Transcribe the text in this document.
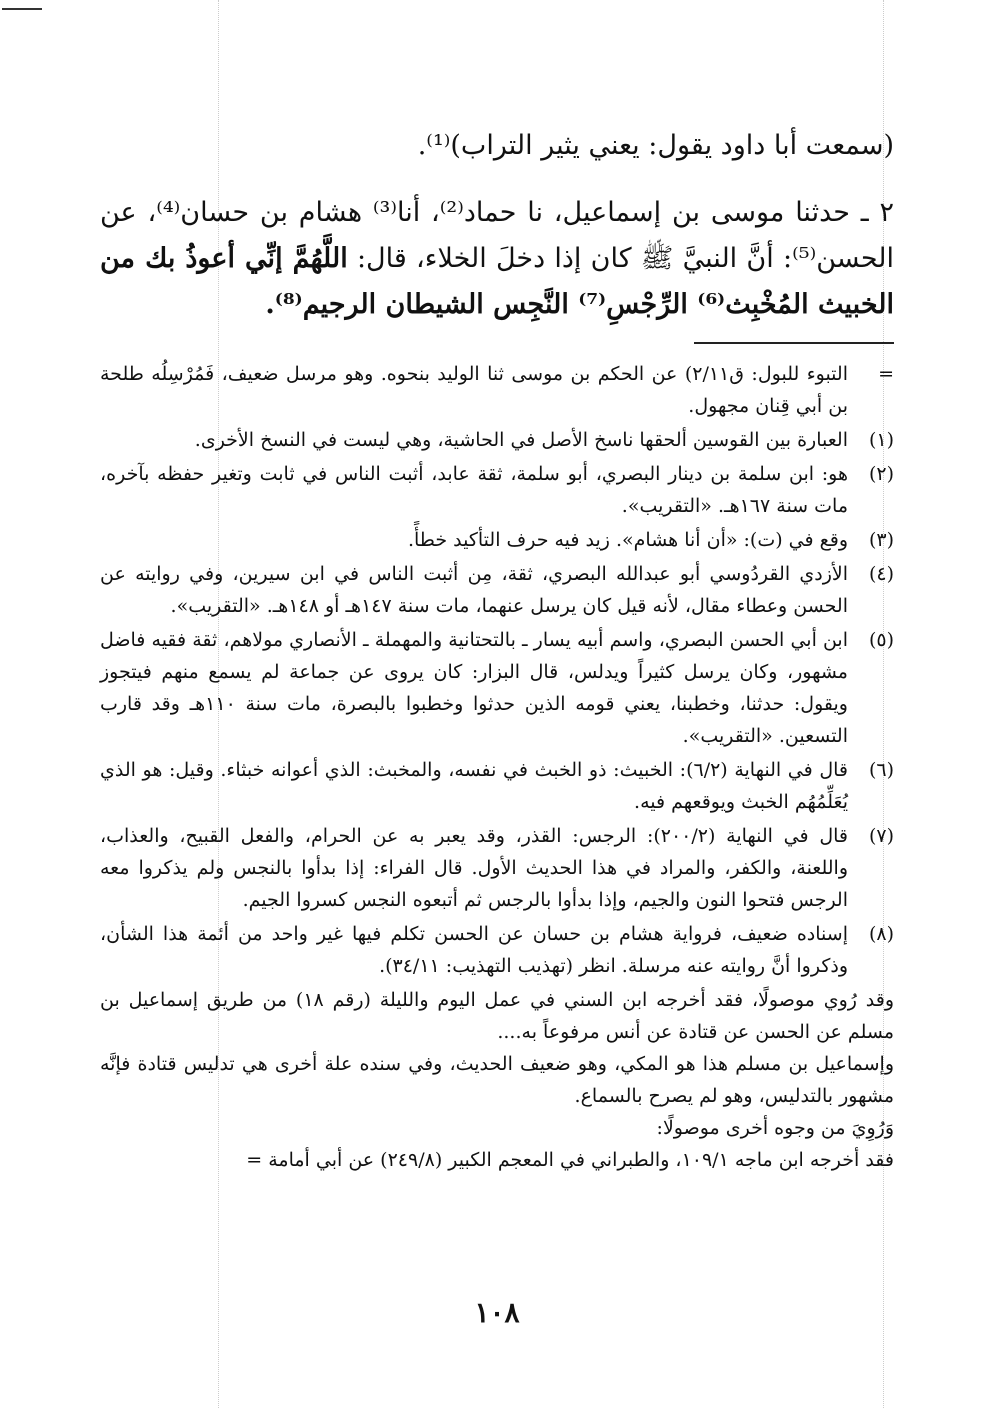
(سمعت أبا داود يقول: يعني يثير التراب)⁽¹⁾.
٢ ـ حدثنا موسى بن إسماعيل، نا حماد⁽²⁾، أنا⁽³⁾ هشام بن حسان⁽⁴⁾، عن الحسن⁽⁵⁾: أنَّ النبيَّ ﷺ كان إذا دخلَ الخلاء، قال: اللَّهُمَّ إنِّي أعوذُ بك من الخبيث المُخْبِث⁽⁶⁾ الرِّجْسِ⁽⁷⁾ النَّجِس الشيطان الرجيم⁽⁸⁾.
=
التبوء للبول: ق٢/١١) عن الحكم بن موسى ثنا الوليد بنحوه. وهو مرسل ضعيف، فَمُرْسِلُه طلحة بن أبي قِنان مجهول.
(١)
العبارة بين القوسين ألحقها ناسخ الأصل في الحاشية، وهي ليست في النسخ الأخرى.
(٢)
هو: ابن سلمة بن دينار البصري، أبو سلمة، ثقة عابد، أثبت الناس في ثابت وتغير حفظه بآخره، مات سنة ١٦٧هـ. «التقريب».
(٣)
وقع في (ت): «أن أنا هشام». زيد فيه حرف التأكيد خطأً.
(٤)
الأزدي القردُوسي أبو عبدالله البصري، ثقة، مِن أثبت الناس في ابن سيرين، وفي روايته عن الحسن وعطاء مقال، لأنه قيل كان يرسل عنهما، مات سنة ١٤٧هـ أو ١٤٨هـ. «التقريب».
(٥)
ابن أبي الحسن البصري، واسم أبيه يسار ـ بالتحتانية والمهملة ـ الأنصاري مولاهم، ثقة فقيه فاضل مشهور، وكان يرسل كثيراً ويدلس، قال البزار: كان يروى عن جماعة لم يسمع منهم فيتجوز ويقول: حدثنا، وخطبنا، يعني قومه الذين حدثوا وخطبوا بالبصرة، مات سنة ١١٠هـ وقد قارب التسعين. «التقريب».
(٦)
قال في النهاية (٦/٢): الخبيث: ذو الخبث في نفسه، والمخبث: الذي أعوانه خبثاء. وقيل: هو الذي يُعَلِّمُهُم الخبث ويوقعهم فيه.
(٧)
قال في النهاية (٢٠٠/٢): الرجس: القذر، وقد يعبر به عن الحرام، والفعل القبيح، والعذاب، واللعنة، والكفر، والمراد في هذا الحديث الأول. قال الفراء: إذا بدأوا بالنجس ولم يذكروا معه الرجس فتحوا النون والجيم، وإذا بدأوا بالرجس ثم أتبعوه النجس كسروا الجيم.
(٨)
إسناده ضعيف، فرواية هشام بن حسان عن الحسن تكلم فيها غير واحد من أئمة هذا الشأن، وذكروا أنَّ روايته عنه مرسلة. انظر (تهذيب التهذيب: ٣٤/١١).
وقد رُوي موصولًا، فقد أخرجه ابن السني في عمل اليوم والليلة (رقم ١٨) من طريق إسماعيل بن مسلم عن الحسن عن قتادة عن أنس مرفوعاً به....
وإسماعيل بن مسلم هذا هو المكي، وهو ضعيف الحديث، وفي سنده علة أخرى هي تدليس قتادة فإنَّه مشهور بالتدليس، وهو لم يصرح بالسماع.
وَرُوِيَ من وجوه أخرى موصولًا:
فقد أخرجه ابن ماجه ١٠٩/١، والطبراني في المعجم الكبير (٢٤٩/٨) عن أبي أمامة =
١٠٨
